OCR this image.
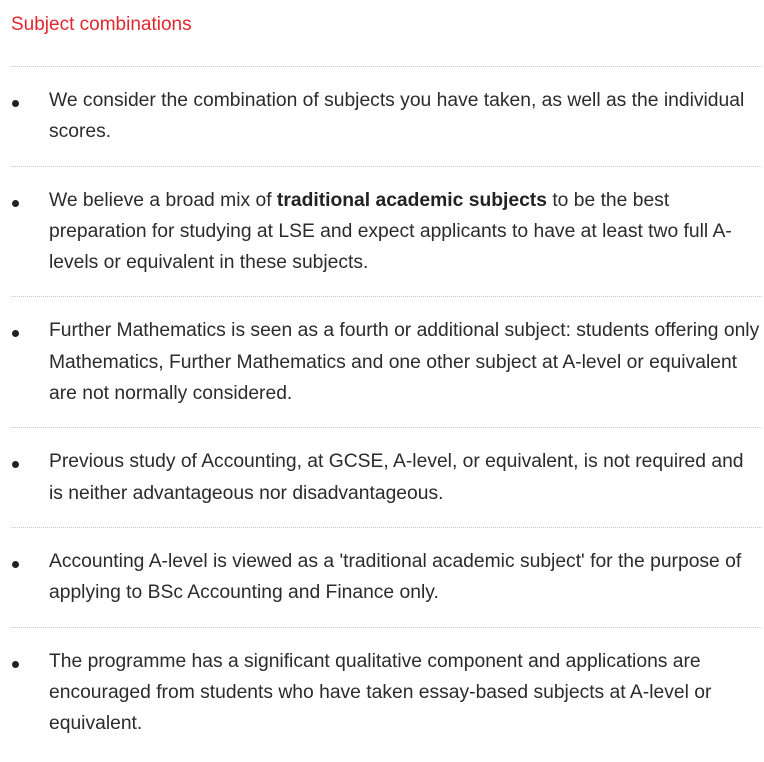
Subject combinations
We consider the combination of subjects you have taken, as well as the individual scores.
We believe a broad mix of traditional academic subjects to be the best preparation for studying at LSE and expect applicants to have at least two full A-levels or equivalent in these subjects.
Further Mathematics is seen as a fourth or additional subject: students offering only Mathematics, Further Mathematics and one other subject at A-level or equivalent are not normally considered.
Previous study of Accounting, at GCSE, A-level, or equivalent, is not required and is neither advantageous nor disadvantageous.
Accounting A-level is viewed as a 'traditional academic subject' for the purpose of applying to BSc Accounting and Finance only.
The programme has a significant qualitative component and applications are encouraged from students who have taken essay-based subjects at A-level or equivalent.
